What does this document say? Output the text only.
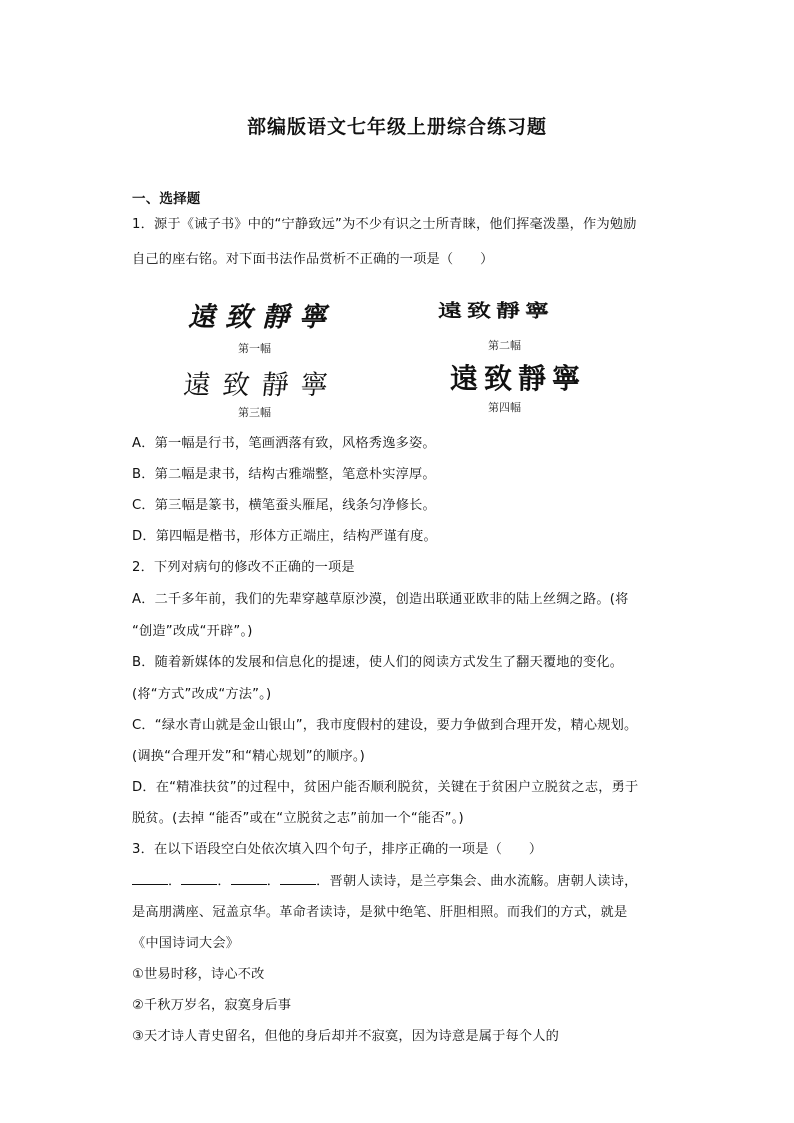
部编版语文七年级上册综合练习题
一、选择题
1．源于《诫子书》中的“宁静致远”为不少有识之士所青睐，他们挥毫泼墨，作为勉励
自己的座右铭。对下面书法作品赏析不正确的一项是（　　）
遠致靜寧
第一幅
遠致靜寧
第二幅
遠致靜寧
第三幅
遠致靜寧
第四幅
A．第一幅是行书，笔画洒落有致，风格秀逸多姿。
B．第二幅是隶书，结构古雅端整，笔意朴实淳厚。
C．第三幅是篆书，横笔蚕头雁尾，线条匀净修长。
D．第四幅是楷书，形体方正端庄，结构严谨有度。
2．下列对病句的修改不正确的一项是
A．二千多年前，我们的先辈穿越草原沙漠，创造出联通亚欧非的陆上丝绸之路。(将
“创造”改成“开辟”。)
B．随着新媒体的发展和信息化的提速，使人们的阅读方式发生了翻天覆地的变化。
(将“方式”改成“方法”。)
C．“绿水青山就是金山银山”，我市度假村的建设，要力争做到合理开发，精心规划。
(调换“合理开发”和“精心规划”的顺序。)
D．在“精准扶贫”的过程中，贫困户能否顺利脱贫，关键在于贫困户立脱贫之志，勇于
脱贫。(去掉 “能否”或在“立脱贫之志”前加一个“能否”。)
3．在以下语段空白处依次填入四个句子，排序正确的一项是（　　）
．	．	．	．晋朝人读诗，是兰亭集会、曲水流觞。唐朝人读诗，
是高朋满座、冠盖京华。革命者读诗，是狱中绝笔、肝胆相照。而我们的方式，就是
《中国诗词大会》
①世易时移，诗心不改
②千秋万岁名，寂寞身后事
③天才诗人青史留名，但他的身后却并不寂寞，因为诗意是属于每个人的
